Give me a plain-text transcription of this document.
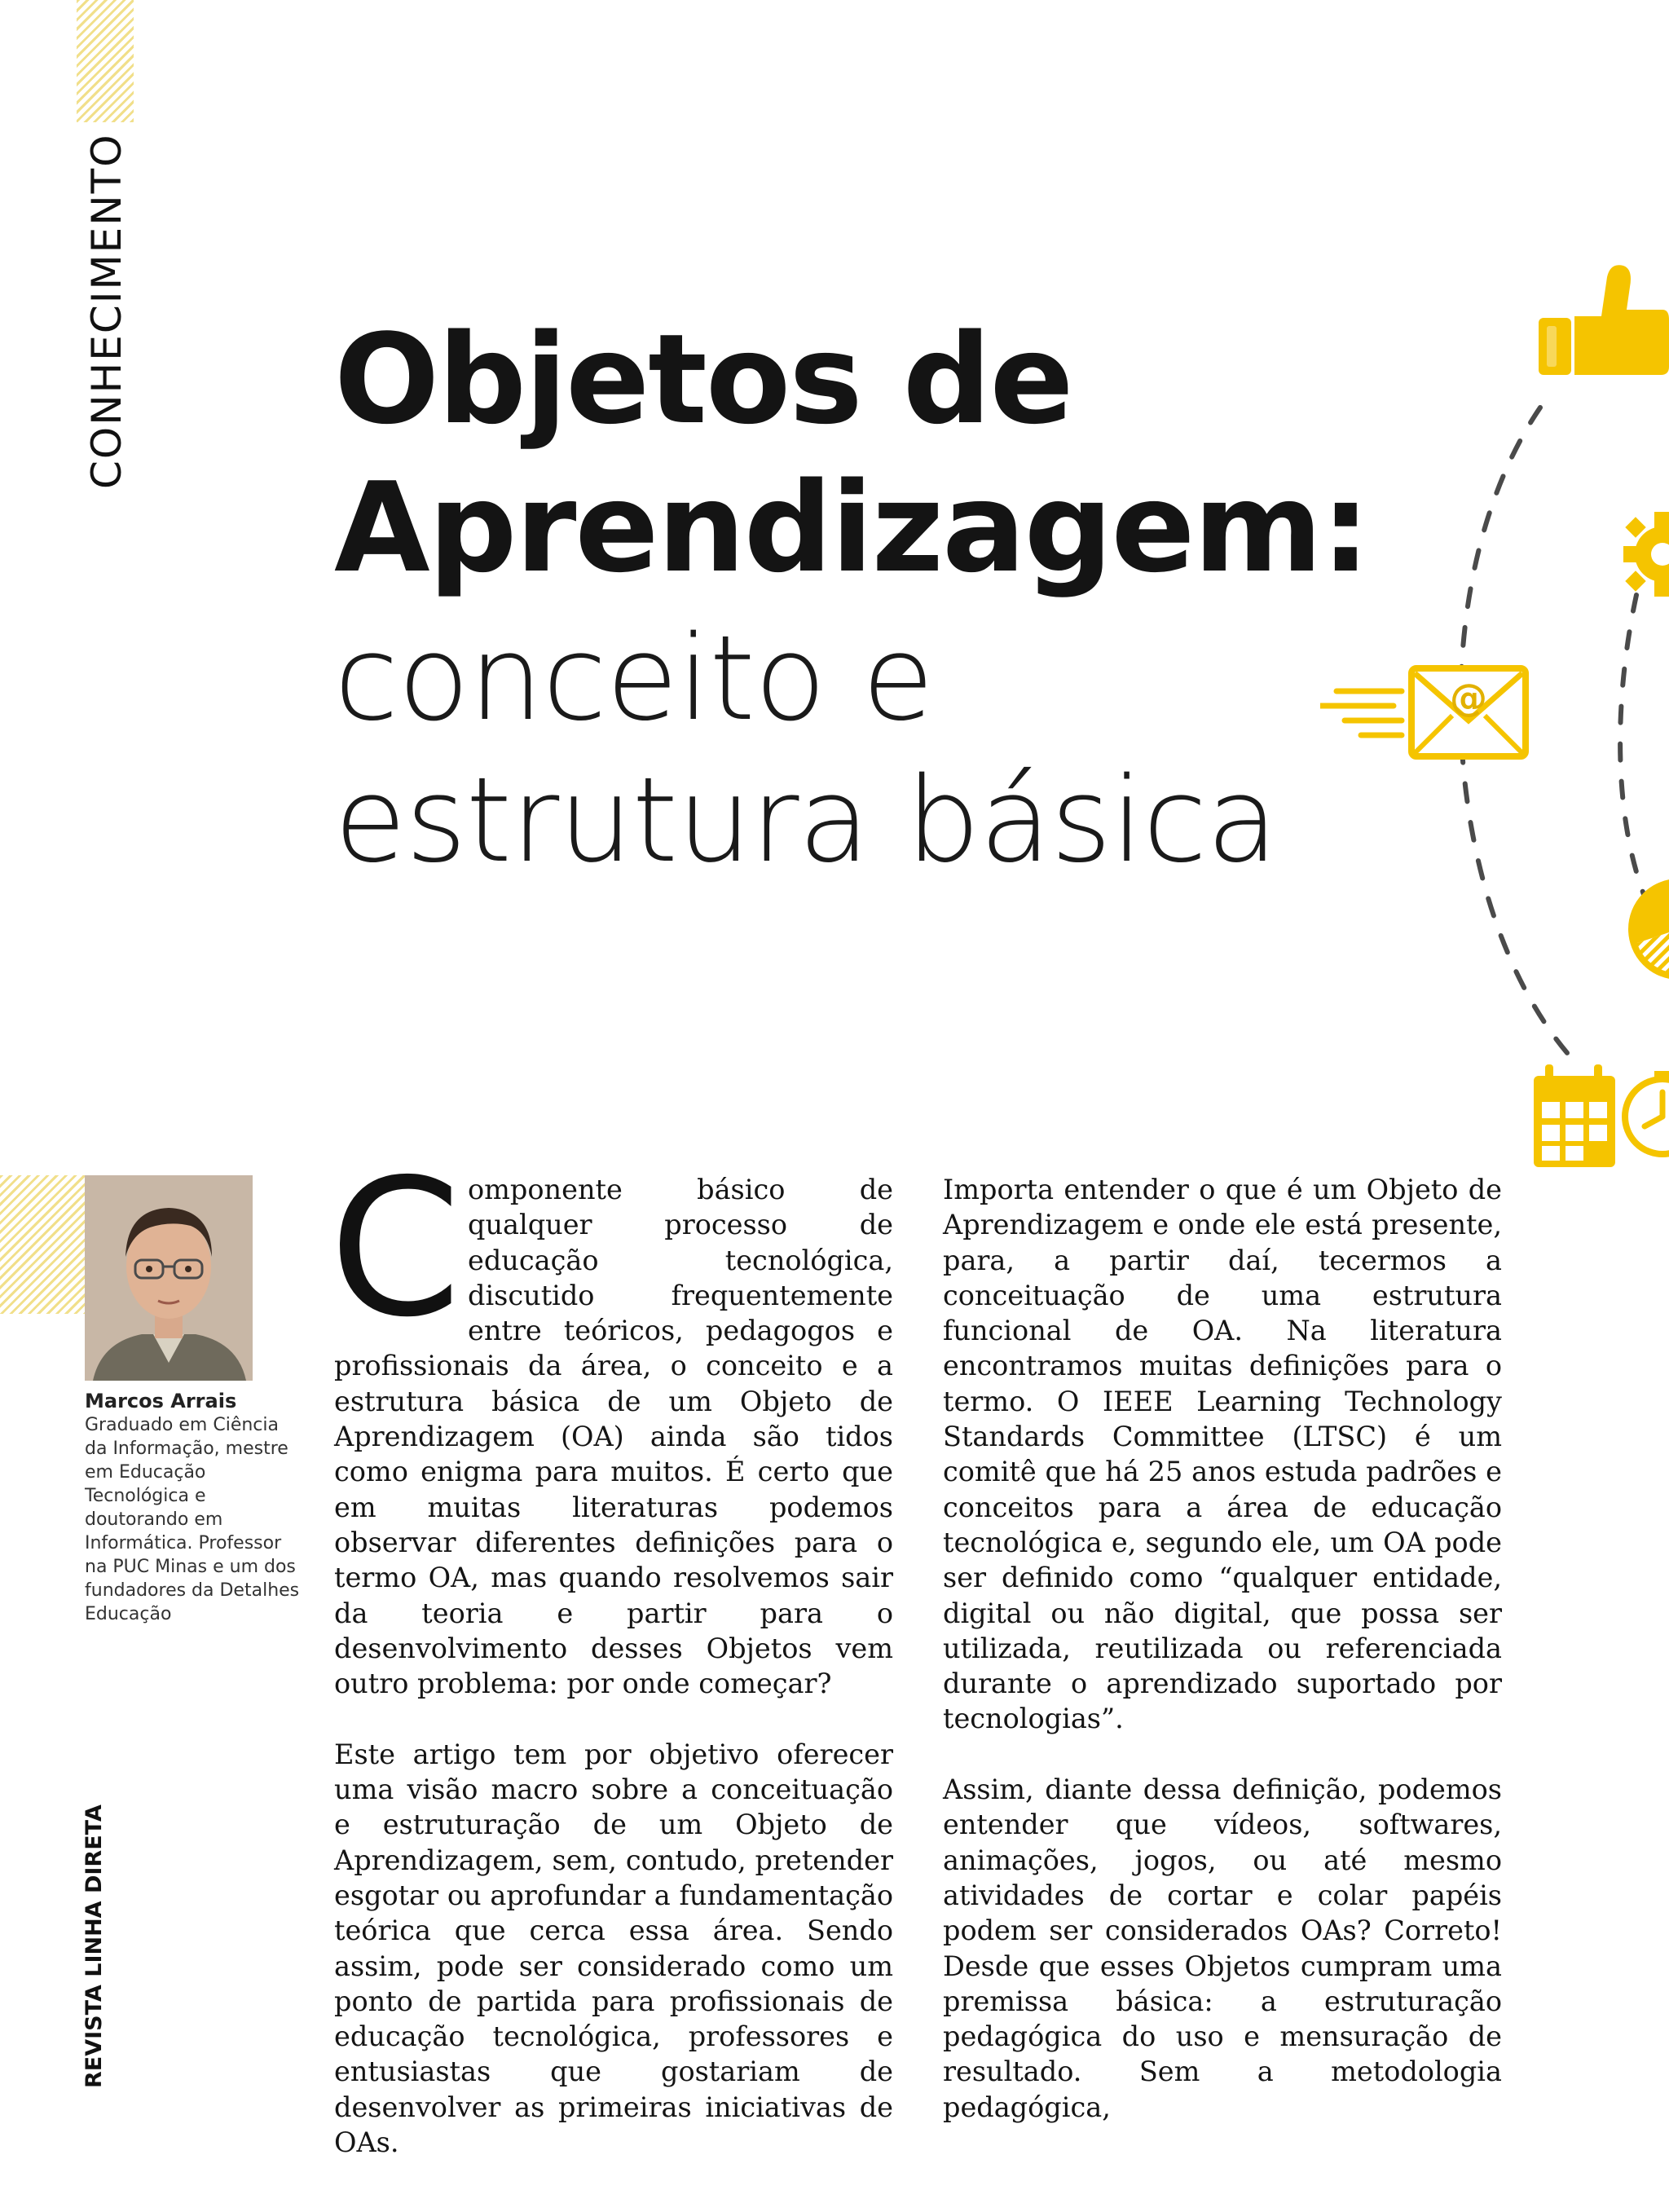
CONHECIMENTO
REVISTA LINHA DIRETA

Objetos de

Aprendizagem:

conceito e

estrutura básica

@
Marcos Arrais
Graduado em Ciência da Informação, mestre em Educação Tecnológica e doutorando em Informática. Professor na PUC Minas e um dos fundadores da Detalhes Educação

Componente básico de qualquer processo de educação tecnológica, discutido frequentemente entre teóricos, pedagogos e profissionais da área, o conceito e a estrutura básica de um Objeto de Aprendizagem (OA) ainda são tidos como enigma para muitos. É certo que em muitas literaturas podemos observar diferentes definições para o termo OA, mas quando resolvemos sair da teoria e partir para o desenvolvimento desses Objetos vem outro problema: por onde começar?

Este artigo tem por objetivo oferecer uma visão macro sobre a conceituação e estruturação de um Objeto de Aprendizagem, sem, contudo, pretender esgotar ou aprofundar a fundamentação teórica que cerca essa área. Sendo assim, pode ser considerado como um ponto de partida para profissionais de educação tecnológica, professores e entusiastas que gostariam de desenvolver as primeiras iniciativas de OAs.

Importa entender o que é um Objeto de Aprendizagem e onde ele está presente, para, a partir daí, tecermos a conceituação de uma estrutura funcional de OA. Na literatura encontramos muitas definições para o termo. O IEEE Learning Technology Standards Committee (LTSC) é um comitê que há 25 anos estuda padrões e conceitos para a área de educação tecnológica e, segundo ele, um OA pode ser definido como “qualquer entidade, digital ou não digital, que possa ser utilizada, reutilizada ou referenciada durante o aprendizado suportado por tecnologias”.

Assim, diante dessa definição, podemos entender que vídeos, softwares, animações, jogos, ou até mesmo atividades de cortar e colar papéis podem ser considerados OAs? Correto! Desde que esses Objetos cumpram uma premissa básica: a estruturação pedagógica do uso e mensuração de resultado. Sem a metodologia pedagógica,
